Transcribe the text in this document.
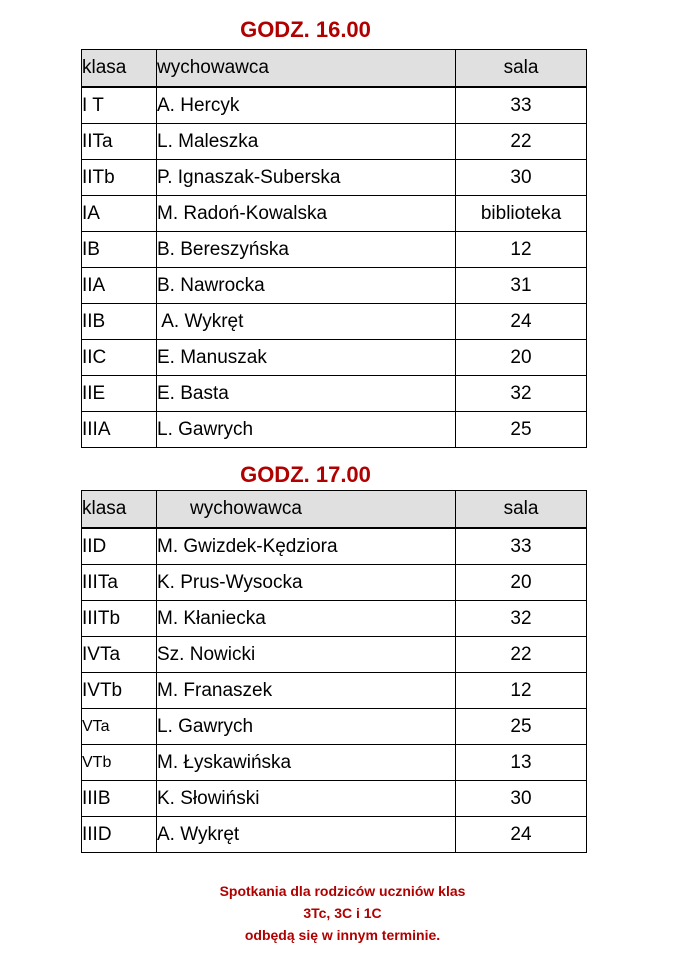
GODZ. 16.00
klasa	wychowawca	sala
I T	A. Hercyk	33
IITa	L. Maleszka	22
IITb	P. Ignaszak-Suberska	30
IA	M. Radoń-Kowalska	biblioteka
IB	B. Bereszyńska	12
IIA	B. Nawrocka	31
IIB	A. Wykręt	24
IIC	E. Manuszak	20
IIE	E. Basta	32
IIIA	L. Gawrych	25
GODZ. 17.00
klasa	wychowawca	sala
IID	M. Gwizdek-Kędziora	33
IIITa	K. Prus-Wysocka	20
IIITb	M. Kłaniecka	32
IVTa	Sz. Nowicki	22
IVTb	M. Franaszek	12
VTa	L. Gawrych	25
VTb	M. Łyskawińska	13
IIIB	K. Słowiński	30
IIID	A. Wykręt	24
Spotkania dla rodziców uczniów klas
3Tc, 3C i 1C
odbędą się w innym terminie.
